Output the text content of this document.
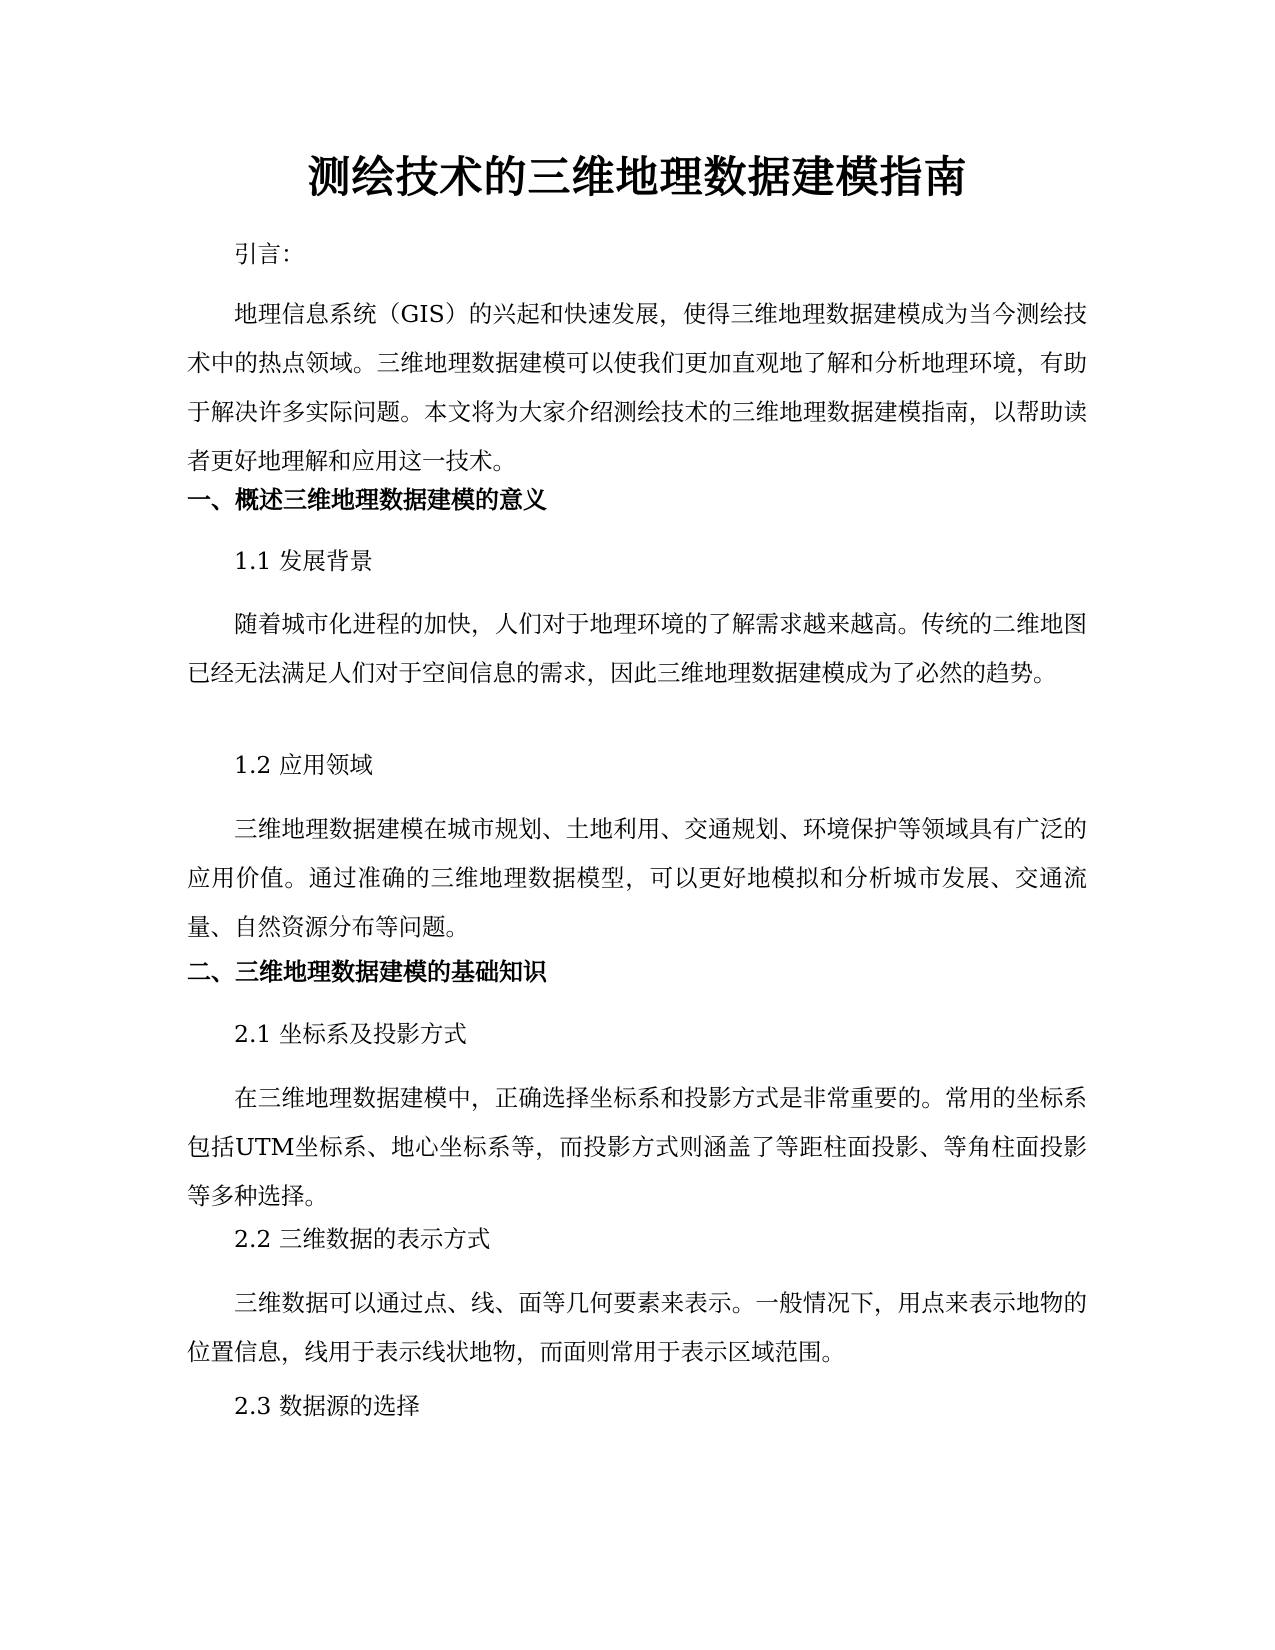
测绘技术的三维地理数据建模指南

引言：

地理信息系统（GIS）的兴起和快速发展，使得三维地理数据建模成为当今测绘技术中的热点领域。三维地理数据建模可以使我们更加直观地了解和分析地理环境，有助于解决许多实际问题。本文将为大家介绍测绘技术的三维地理数据建模指南，以帮助读者更好地理解和应用这一技术。

一、概述三维地理数据建模的意义

1.1 发展背景

随着城市化进程的加快，人们对于地理环境的了解需求越来越高。传统的二维地图已经无法满足人们对于空间信息的需求，因此三维地理数据建模成为了必然的趋势。

1.2 应用领域

三维地理数据建模在城市规划、土地利用、交通规划、环境保护等领域具有广泛的应用价值。通过准确的三维地理数据模型，可以更好地模拟和分析城市发展、交通流量、自然资源分布等问题。

二、三维地理数据建模的基础知识

2.1 坐标系及投影方式

在三维地理数据建模中，正确选择坐标系和投影方式是非常重要的。常用的坐标系包括UTM坐标系、地心坐标系等，而投影方式则涵盖了等距柱面投影、等角柱面投影等多种选择。

2.2 三维数据的表示方式

三维数据可以通过点、线、面等几何要素来表示。一般情况下，用点来表示地物的位置信息，线用于表示线状地物，而面则常用于表示区域范围。

2.3 数据源的选择
